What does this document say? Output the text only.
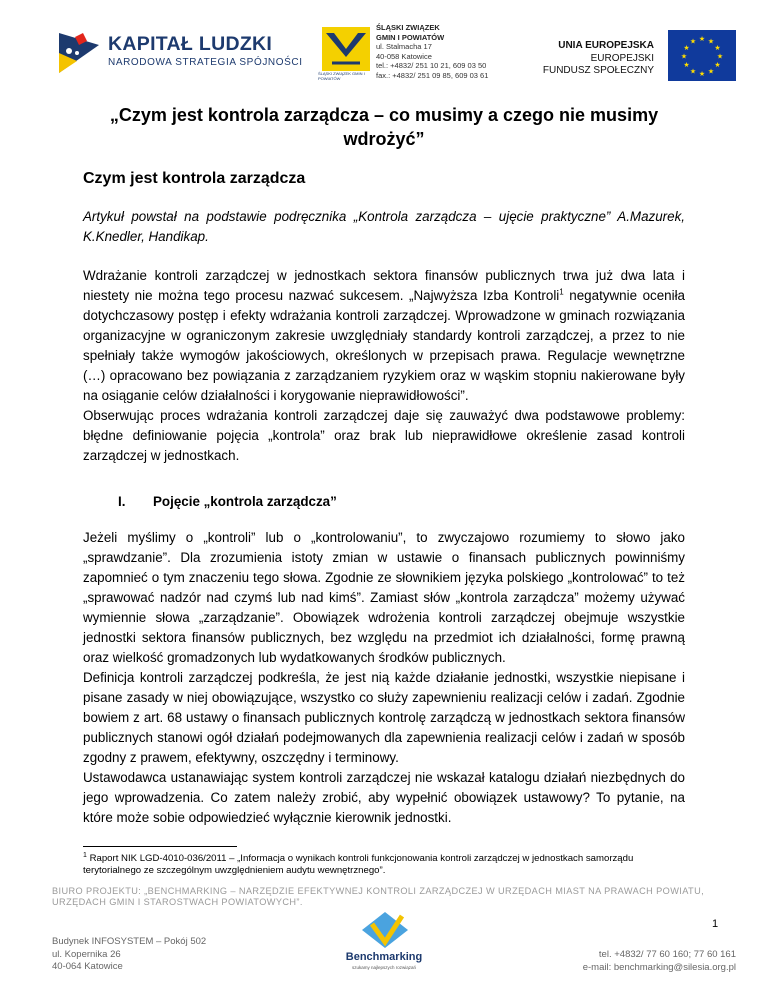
KAPITAŁ LUDZKI
NARODOWA STRATEGIA SPÓJNOŚCI
ŚLĄSKI ZWIĄZEK GMIN I POWIATÓW
ŚLĄSKI ZWIĄZEK
GMIN I POWIATÓW
ul. Stalmacha 17
40-058 Katowice
tel.: +4832/ 251 10 21, 609 03 50
fax.: +4832/ 251 09 85, 609 03 61
UNIA EUROPEJSKA
EUROPEJSKI
FUNDUSZ SPOŁECZNY
★ ★
★
★
★
★
★
★
★
★
★
★
„Czym jest kontrola zarządcza – co musimy a czego nie musimy wdrożyć”
Czym jest kontrola zarządcza
Artykuł powstał na podstawie podręcznika „Kontrola zarządcza – ujęcie praktyczne” A.Mazurek, K.Knedler, Handikap.
Wdrażanie kontroli zarządczej w jednostkach sektora finansów publicznych trwa już dwa lata i niestety nie można tego procesu nazwać sukcesem. „Najwyższa Izba Kontroli$^1$ negatywnie oceniła dotychczasowy postęp i efekty wdrażania kontroli zarządczej. Wprowadzone w gminach rozwiązania organizacyjne w ograniczonym zakresie uwzględniały standardy kontroli zarządczej, a przez to nie spełniały także wymogów jakościowych, określonych w przepisach prawa. Regulacje wewnętrzne (…) opracowano bez powiązania z zarządzaniem ryzykiem oraz w wąskim stopniu nakierowane były na osiąganie celów działalności i korygowanie nieprawidłowości”.
Obserwując proces wdrażania kontroli zarządczej daje się zauważyć dwa podstawowe problemy: błędne definiowanie pojęcia „kontrola” oraz brak lub nieprawidłowe określenie zasad kontroli zarządczej w jednostkach.
I. Pojęcie „kontrola zarządcza”
Jeżeli myślimy o „kontroli” lub o „kontrolowaniu”, to zwyczajowo rozumiemy to słowo jako „sprawdzanie”. Dla zrozumienia istoty zmian w ustawie o finansach publicznych powinniśmy zapomnieć o tym znaczeniu tego słowa. Zgodnie ze słownikiem języka polskiego „kontrolować” to też „sprawować nadzór nad czymś lub nad kimś”. Zamiast słów „kontrola zarządcza” możemy używać wymiennie słowa „zarządzanie”. Obowiązek wdrożenia kontroli zarządczej obejmuje wszystkie jednostki sektora finansów publicznych, bez względu na przedmiot ich działalności, formę prawną oraz wielkość gromadzonych lub wydatkowanych środków publicznych.
Definicja kontroli zarządczej podkreśla, że jest nią każde działanie jednostki, wszystkie niepisane i pisane zasady w niej obowiązujące, wszystko co służy zapewnieniu realizacji celów i zadań. Zgodnie bowiem z art. 68 ustawy o finansach publicznych kontrolę zarządczą w jednostkach sektora finansów publicznych stanowi ogół działań podejmowanych dla zapewnienia realizacji celów i zadań w sposób zgodny z prawem, efektywny, oszczędny i terminowy.
Ustawodawca ustanawiając system kontroli zarządczej nie wskazał katalogu działań niezbędnych do jego wprowadzenia. Co zatem należy zrobić, aby wypełnić obowiązek ustawowy? To pytanie, na które może sobie odpowiedzieć wyłącznie kierownik jednostki.
$^1$ Raport NIK LGD-4010-036/2011 – „Informacja o wynikach kontroli funkcjonowania kontroli zarządczej w jednostkach samorządu terytorialnego ze szczególnym uwzględnieniem audytu wewnętrznego”.
BIURO PROJEKTU: „BENCHMARKING – NARZĘDZIE EFEKTYWNEJ KONTROLI ZARZĄDCZEJ W URZĘDACH MIAST NA PRAWACH POWIATU, URZĘDACH GMIN I STAROSTWACH POWIATOWYCH”.
1
Budynek INFOSYSTEM – Pokój 502
ul. Kopernika 26
40-064 Katowice
Benchmarking
szukamy najlepszych rozwiązań
tel. +4832/ 77 60 160; 77 60 161
e-mail: benchmarking@silesia.org.pl
